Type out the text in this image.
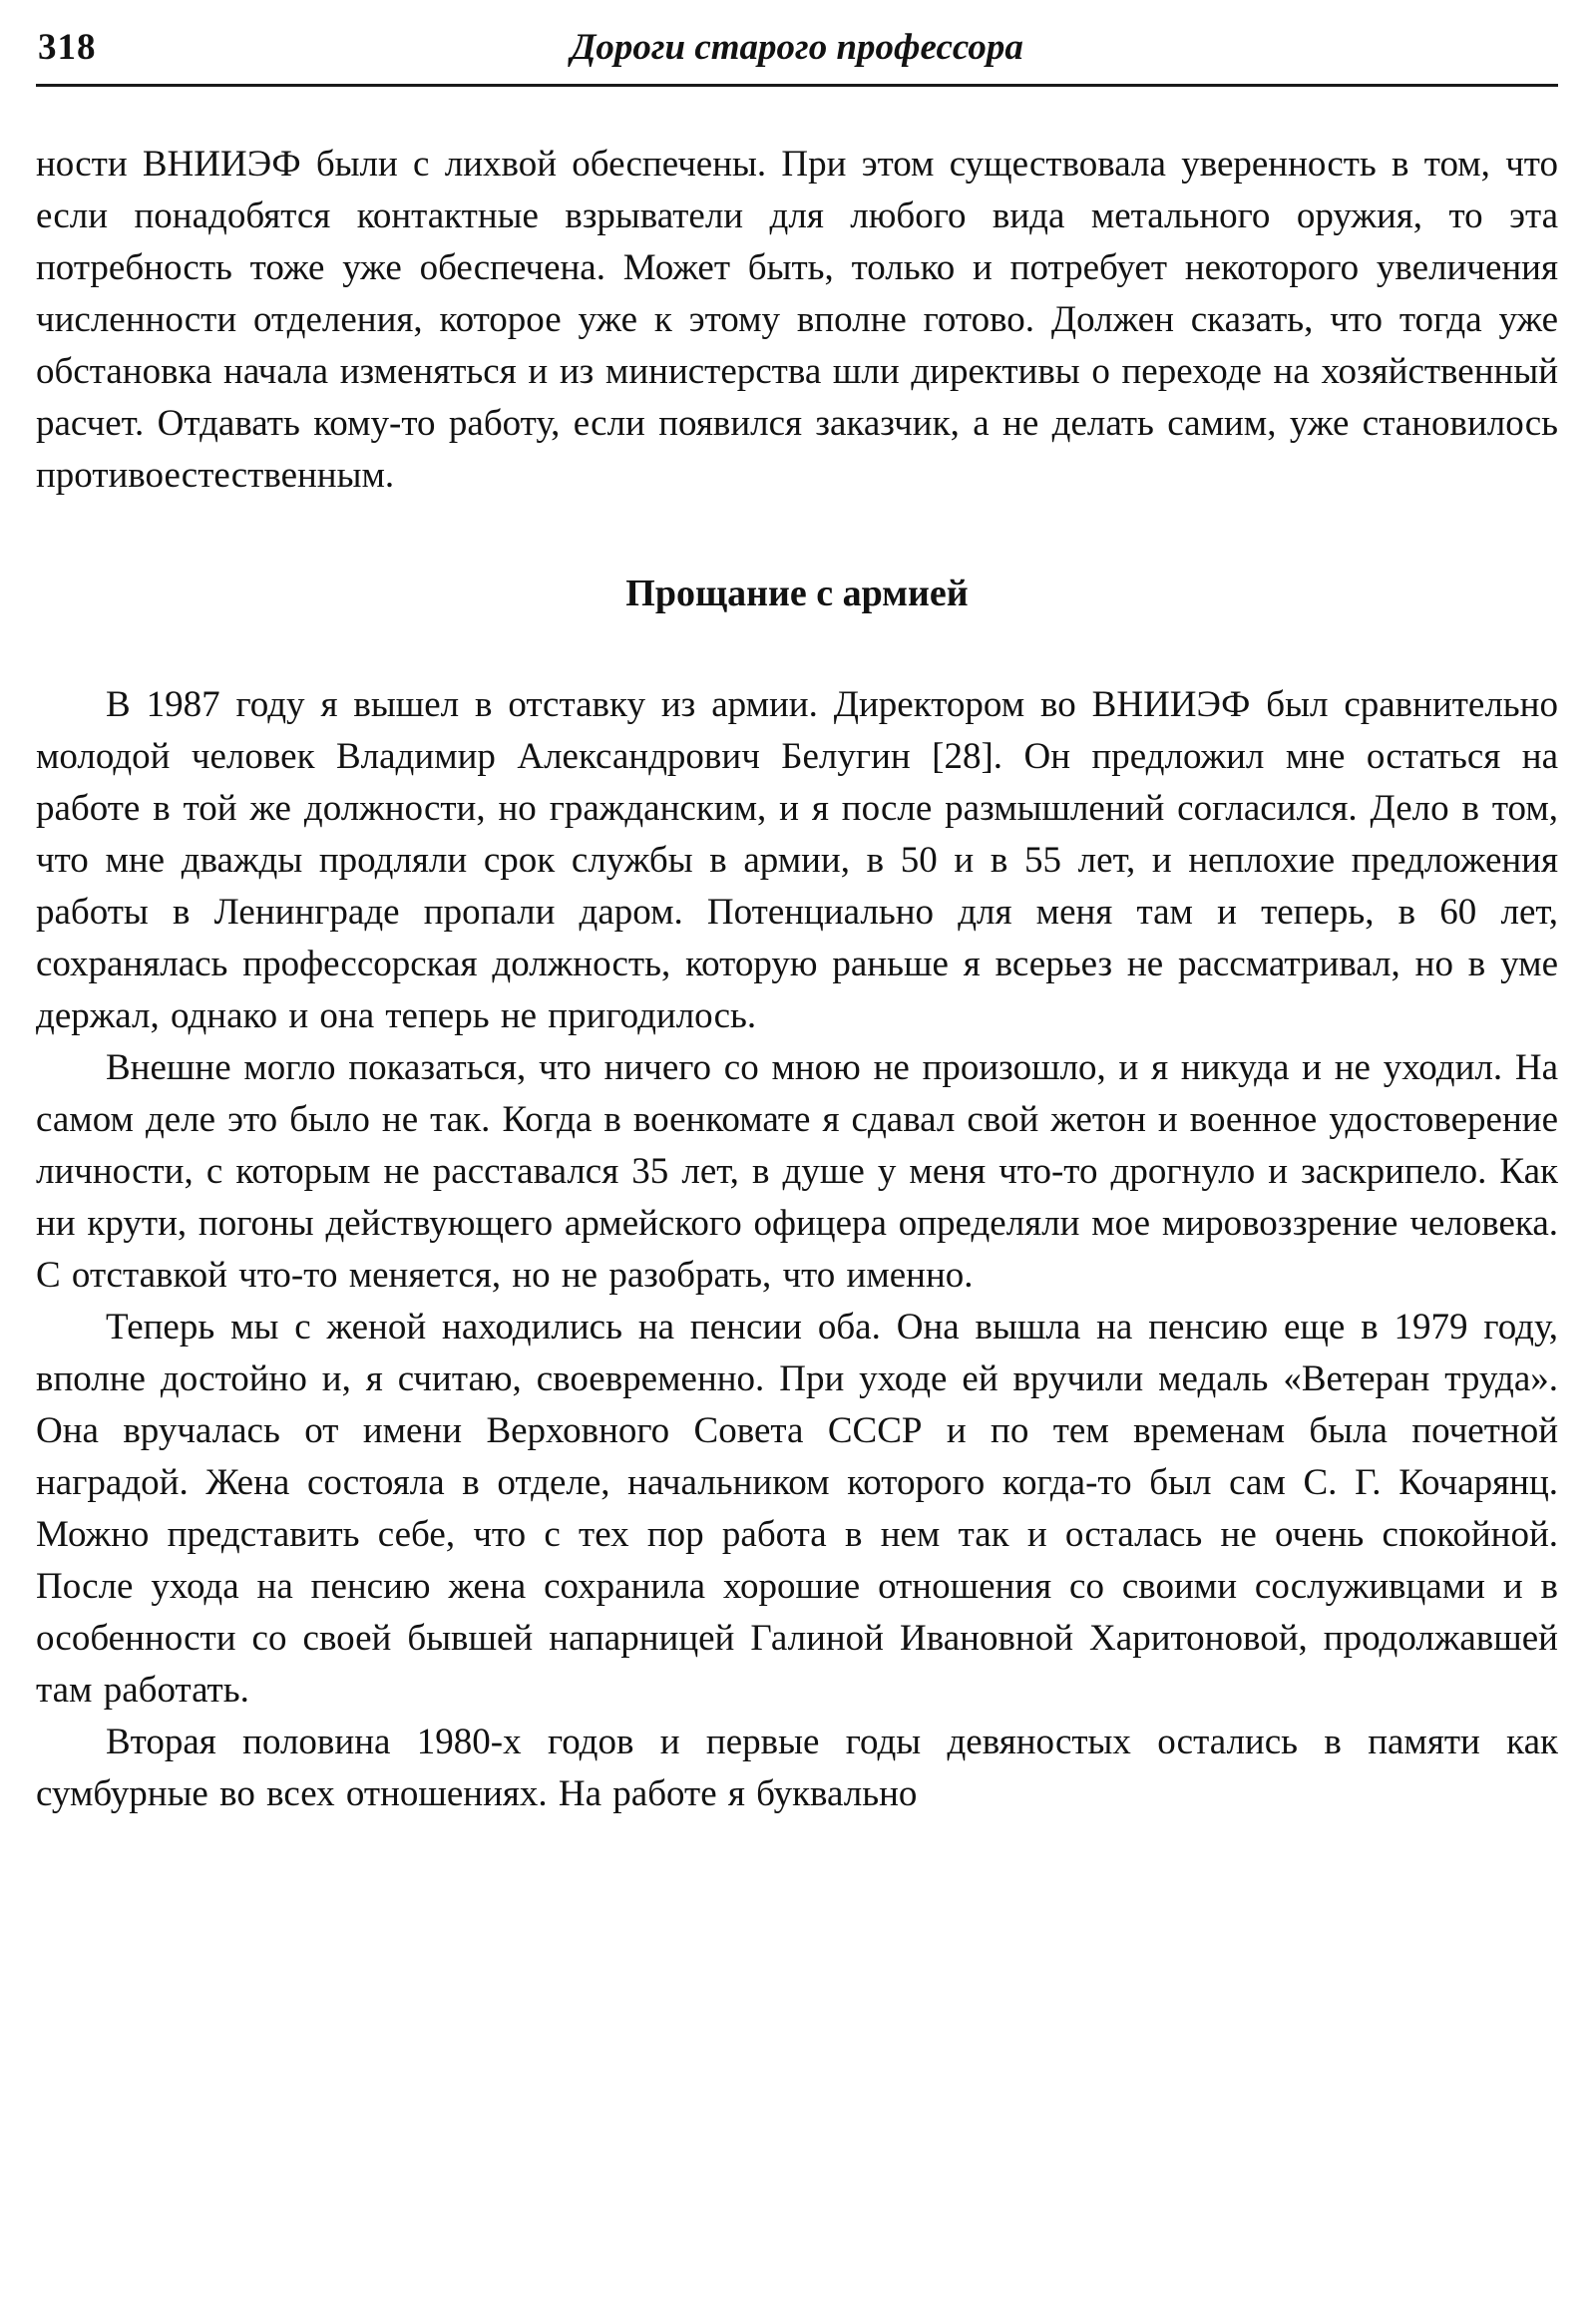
318	Дороги старого профессора

ности ВНИИЭФ были с лихвой обеспечены. При этом существовала уверенность в том, что если понадобятся контактные взрыватели для любого вида метального оружия, то эта потребность тоже уже обеспечена. Может быть, только и потребует некоторого увеличения численности отделения, которое уже к этому вполне готово. Должен сказать, что тогда уже обстановка начала изменяться и из министерства шли директивы о переходе на хозяйственный расчет. Отдавать кому-то работу, если появился заказчик, а не делать самим, уже становилось противоестественным.

Прощание с армией

В 1987 году я вышел в отставку из армии. Директором во ВНИИЭФ был сравнительно молодой человек Владимир Александрович Белугин [28]. Он предложил мне остаться на работе в той же должности, но гражданским, и я после размышлений согласился. Дело в том, что мне дважды продляли срок службы в армии, в 50 и в 55 лет, и неплохие предложения работы в Ленинграде пропали даром. Потенциально для меня там и теперь, в 60 лет, сохранялась профессорская должность, которую раньше я всерьез не рассматривал, но в уме держал, однако и она теперь не пригодилось.

Внешне могло показаться, что ничего со мною не произошло, и я никуда и не уходил. На самом деле это было не так. Когда в военкомате я сдавал свой жетон и военное удостоверение личности, с которым не расставался 35 лет, в душе у меня что-то дрогнуло и заскрипело. Как ни крути, погоны действующего армейского офицера определяли мое мировоззрение человека. С отставкой что-то меняется, но не разобрать, что именно.

Теперь мы с женой находились на пенсии оба. Она вышла на пенсию еще в 1979 году, вполне достойно и, я считаю, своевременно. При уходе ей вручили медаль «Ветеран труда». Она вручалась от имени Верховного Совета СССР и по тем временам была почетной наградой. Жена состояла в отделе, начальником которого когда-то был сам С. Г. Кочарянц. Можно представить себе, что с тех пор работа в нем так и осталась не очень спокойной. После ухода на пенсию жена сохранила хорошие отношения со своими сослуживцами и в особенности со своей бывшей напарницей Галиной Ивановной Харитоновой, продолжавшей там работать.

Вторая половина 1980-х годов и первые годы девяностых остались в памяти как сумбурные во всех отношениях. На работе я буквально
